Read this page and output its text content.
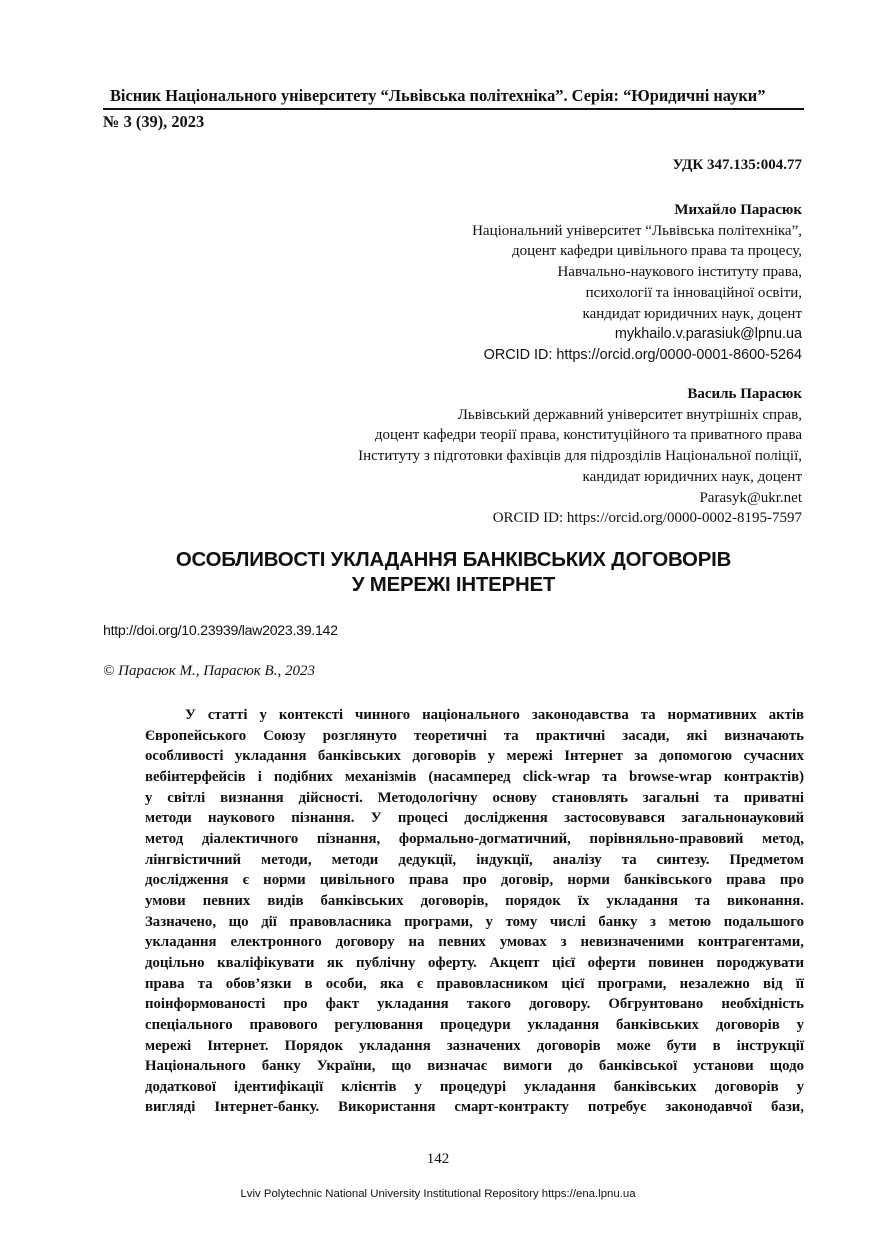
Вісник Національного університету “Львівська політехніка”. Серія: “Юридичні науки”
№ 3 (39), 2023
УДК 347.135:004.77
Михайло Парасюк
Національний університет “Львівська політехніка”,
доцент кафедри цивільного права та процесу,
Навчально-наукового інституту права,
психології та інноваційної освіти,
кандидат юридичних наук, доцент
mykhailo.v.parasiuk@lpnu.ua
ORCID ID: https://orcid.org/0000-0001-8600-5264
Василь Парасюк
Львівський державний університет внутрішніх справ,
доцент кафедри теорії права, конституційного та приватного права
Інституту з підготовки фахівців для підрозділів Національної поліції,
кандидат юридичних наук, доцент
Parasyk@ukr.net
ORCID ID: https://orcid.org/0000-0002-8195-7597
ОСОБЛИВОСТІ УКЛАДАННЯ БАНКІВСЬКИХ ДОГОВОРІВ
У МЕРЕЖІ ІНТЕРНЕТ
http://doi.org/10.23939/law2023.39.142
© Парасюк М., Парасюк В., 2023
У статті у контексті чинного національного законодавства та нормативних актів
Європейського Союзу розглянуто теоретичні та практичні засади, які визначають
особливості укладання банківських договорів у мережі Інтернет за допомогою сучасних
вебінтерфейсів і подібних механізмів (насамперед click-wrap та browse-wrap контрактів)
у світлі визнання дійсності. Методологічну основу становлять загальні та приватні
методи наукового пізнання. У процесі дослідження застосовувався загальнонауковий
метод діалектичного пізнання, формально-догматичний, порівняльно-правовий метод,
лінгвістичний методи, методи дедукції, індукції, аналізу та синтезу. Предметом
дослідження є норми цивільного права про договір, норми банківського права про
умови певних видів банківських договорів, порядок їх укладання та виконання.
Зазначено, що дії правовласника програми, у тому числі банку з метою подальшого
укладання електронного договору на певних умовах з невизначеними контрагентами,
доцільно кваліфікувати як публічну оферту. Акцепт цієї оферти повинен породжувати
права та обов’язки в особи, яка є правовласником цієї програми, незалежно від її
поінформованості про факт укладання такого договору. Обгрунтовано необхідність
спеціального правового регулювання процедури укладання банківських договорів у
мережі Інтернет. Порядок укладання зазначених договорів може бути в інструкції
Національного банку України, що визначає вимоги до банківської установи щодо
додаткової ідентифікації клієнтів у процедурі укладання банківських договорів у
вигляді Інтернет-банку. Використання смарт-контракту потребує законодавчої бази,
142
Lviv Polytechnic National University Institutional Repository https://ena.lpnu.ua
